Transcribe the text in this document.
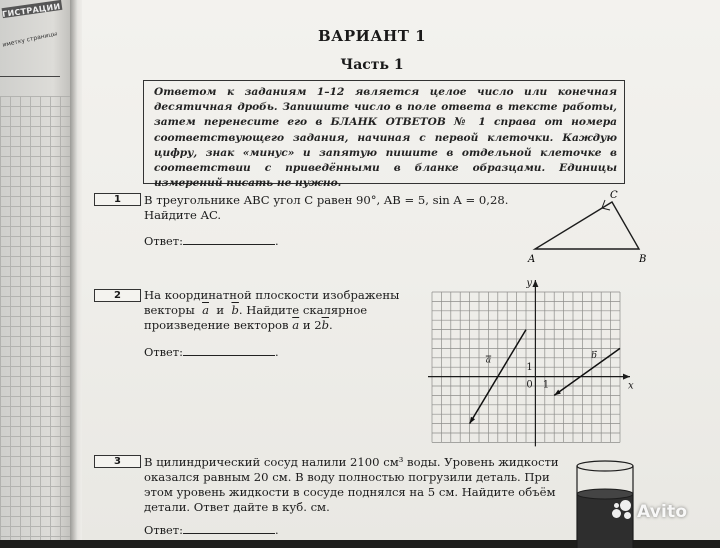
ГИСТРАЦИИ
иметку страницы	ВАРИАНТ 1
Часть 1
Ответом к заданиям 1–12 является целое число или конечная десятичная дробь. Запишите число в поле ответа в тексте работы, затем перенесите его в БЛАНК ОТВЕТОВ № 1 справа от номера соответствующего задания, начиная с первой клеточки. Каждую цифру, знак «минус» и запятую пишите в отдельной клеточке в соответствии с приведёнными в бланке образцами. Единицы измерений писать не нужно.
1	В треугольнике ABC угол C равен 90°, AB = 5, sin A = 0,28.
Найдите AC.
Ответ:	.
A	B
C
2	На координатной плоскости изображены
векторы $\overline{a}$ и $\overline{b}$. Найдите скалярное
произведение векторов $\overline{a}$ и $2\overline{b}$.
Ответ:	.
x
y
0 1
1
a	b
3	В цилиндрический сосуд налили 2100 см³ воды. Уровень жидкости
оказался равным 20 см. В воду полностью погрузили деталь. При
этом уровень жидкости в сосуде поднялся на 5 см. Найдите объём
детали. Ответ дайте в куб. см.
Ответ:	.
Avito
